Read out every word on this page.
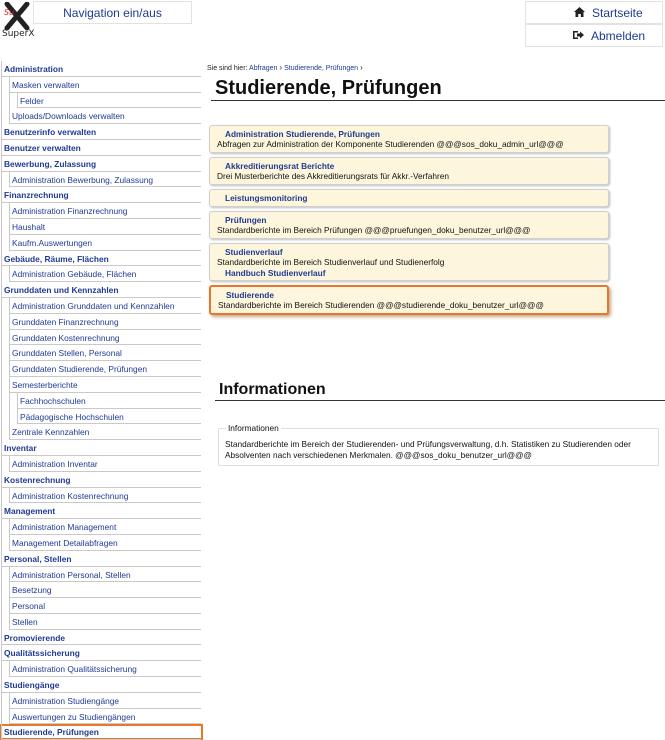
Su
SuperX
Navigation ein/aus	Startseite
Abmelden
Administration
Masken verwalten
Felder
Uploads/Downloads verwalten
Benutzerinfo verwalten
Benutzer verwalten
Bewerbung, Zulassung
Administration Bewerbung, Zulassung
Finanzrechnung
Administration Finanzrechnung
Haushalt
Kaufm.Auswertungen
Gebäude, Räume, Flächen
Administration Gebäude, Flächen
Grunddaten und Kennzahlen
Administration Grunddaten und Kennzahlen
Grunddaten Finanzrechnung
Grunddaten Kostenrechnung
Grunddaten Stellen, Personal
Grunddaten Studierende, Prüfungen
Semesterberichte
Fachhochschulen
Pädagogische Hochschulen
Zentrale Kennzahlen
Inventar
Administration Inventar
Kostenrechnung
Administration Kostenrechnung
Management
Administration Management
Management Detailabfragen
Personal, Stellen
Administration Personal, Stellen
Besetzung
Personal
Stellen
Promovierende
Qualitätssicherung
Administration Qualitätssicherung
Studiengänge
Administration Studiengänge
Auswertungen zu Studiengängen
Studierende, Prüfungen
Sie sind hier: Abfragen › Studierende, Prüfungen ›
Studierende, Prüfungen
Administration Studierende, Prüfungen
Abfragen zur Administration der Komponente Studierenden @@@sos_doku_admin_url@@@
Akkreditierungsrat Berichte
Drei Musterberichte des Akkreditierungsrats für Akkr.-Verfahren
Leistungsmonitoring
Prüfungen
Standardberichte im Bereich Prüfungen @@@pruefungen_doku_benutzer_url@@@
Studienverlauf
Standardberichte im Bereich Studienverlauf und Studienerfolg
Handbuch Studienverlauf
Studierende
Standardberichte im Bereich Studierenden @@@studierende_doku_benutzer_url@@@
Informationen
Informationen
Standardberichte im Bereich der Studierenden- und Prüfungsverwaltung, d.h. Statistiken zu Studierenden oder Absolventen nach verschiedenen Merkmalen. @@@sos_doku_benutzer_url@@@
